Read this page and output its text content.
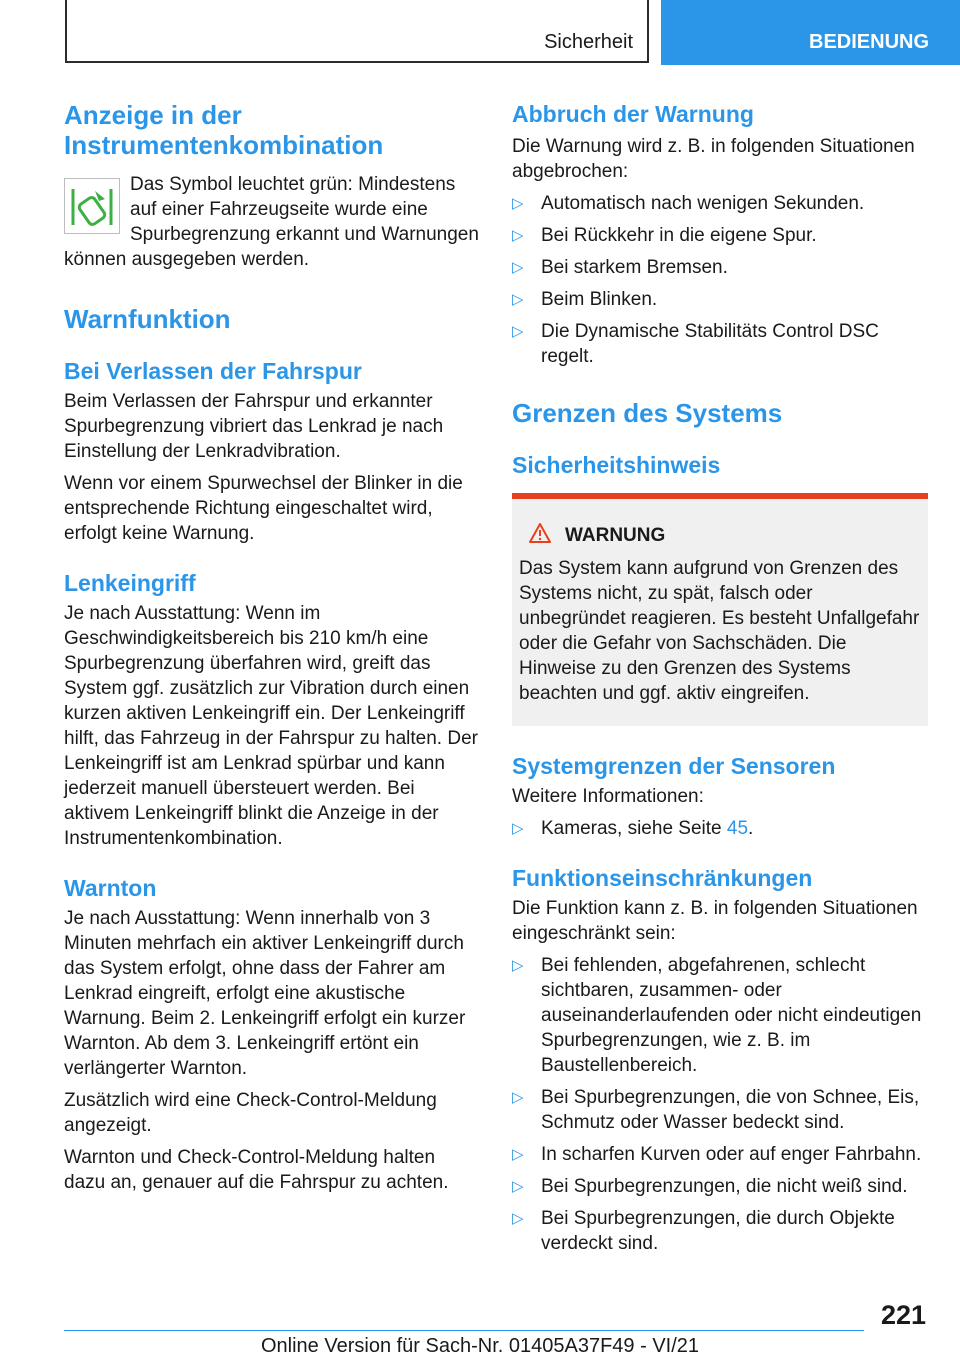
Sicherheit	BEDIENUNG
Anzeige in der Instrumentenkombination

Das Symbol leuchtet grün: Mindestens auf einer Fahrzeugseite wurde eine Spurbegrenzung erkannt und Warnungen können ausgegeben werden.

Warnfunktion
Bei Verlassen der Fahrspur

Beim Verlassen der Fahrspur und erkannter Spurbegrenzung vibriert das Lenkrad je nach Einstellung der Lenkradvibration.

Wenn vor einem Spurwechsel der Blinker in die entsprechende Richtung eingeschaltet wird, erfolgt keine Warnung.

Lenkeingriff

Je nach Ausstattung: Wenn im Geschwindigkeitsbereich bis 210 km/h eine Spurbegrenzung überfahren wird, greift das System ggf. zusätzlich zur Vibration durch einen kurzen aktiven Lenkeingriff ein. Der Lenkeingriff hilft, das Fahrzeug in der Fahrspur zu halten. Der Lenkeingriff ist am Lenkrad spürbar und kann jederzeit manuell übersteuert werden. Bei aktivem Lenkeingriff blinkt die Anzeige in der Instrumentenkombination.

Warnton

Je nach Ausstattung: Wenn innerhalb von 3 Minuten mehrfach ein aktiver Lenkeingriff durch das System erfolgt, ohne dass der Fahrer am Lenkrad eingreift, erfolgt eine akustische Warnung. Beim 2. Lenkeingriff erfolgt ein kurzer Warnton. Ab dem 3. Lenkeingriff ertönt ein verlängerter Warnton.

Zusätzlich wird eine Check-Control-Meldung angezeigt.

Warnton und Check-Control-Meldung halten dazu an, genauer auf die Fahrspur zu achten.

Abbruch der Warnung

Die Warnung wird z. B. in folgenden Situationen abgebrochen:

▷ Automatisch nach wenigen Sekunden.
▷ Bei Rückkehr in die eigene Spur.
▷ Bei starkem Bremsen.
▷ Beim Blinken.
▷ Die Dynamische Stabilitäts Control DSC regelt.
Grenzen des Systems
Sicherheitshinweis
WARNUNG

Das System kann aufgrund von Grenzen des Systems nicht, zu spät, falsch oder unbegründet reagieren. Es besteht Unfallgefahr oder die Gefahr von Sachschäden. Die Hinweise zu den Grenzen des Systems beachten und ggf. aktiv eingreifen.

Systemgrenzen der Sensoren

Weitere Informationen:

▷ Kameras, siehe Seite 45.
Funktionseinschränkungen

Die Funktion kann z. B. in folgenden Situationen eingeschränkt sein:

▷ Bei fehlenden, abgefahrenen, schlecht sichtbaren, zusammen- oder auseinanderlaufenden oder nicht eindeutigen Spurbegrenzungen, wie z. B. im Baustellenbereich.
▷ Bei Spurbegrenzungen, die von Schnee, Eis, Schmutz oder Wasser bedeckt sind.
▷ In scharfen Kurven oder auf enger Fahrbahn.
▷ Bei Spurbegrenzungen, die nicht weiß sind.
▷ Bei Spurbegrenzungen, die durch Objekte verdeckt sind.
221
Online Version für Sach-Nr. 01405A37F49 - VI/21
